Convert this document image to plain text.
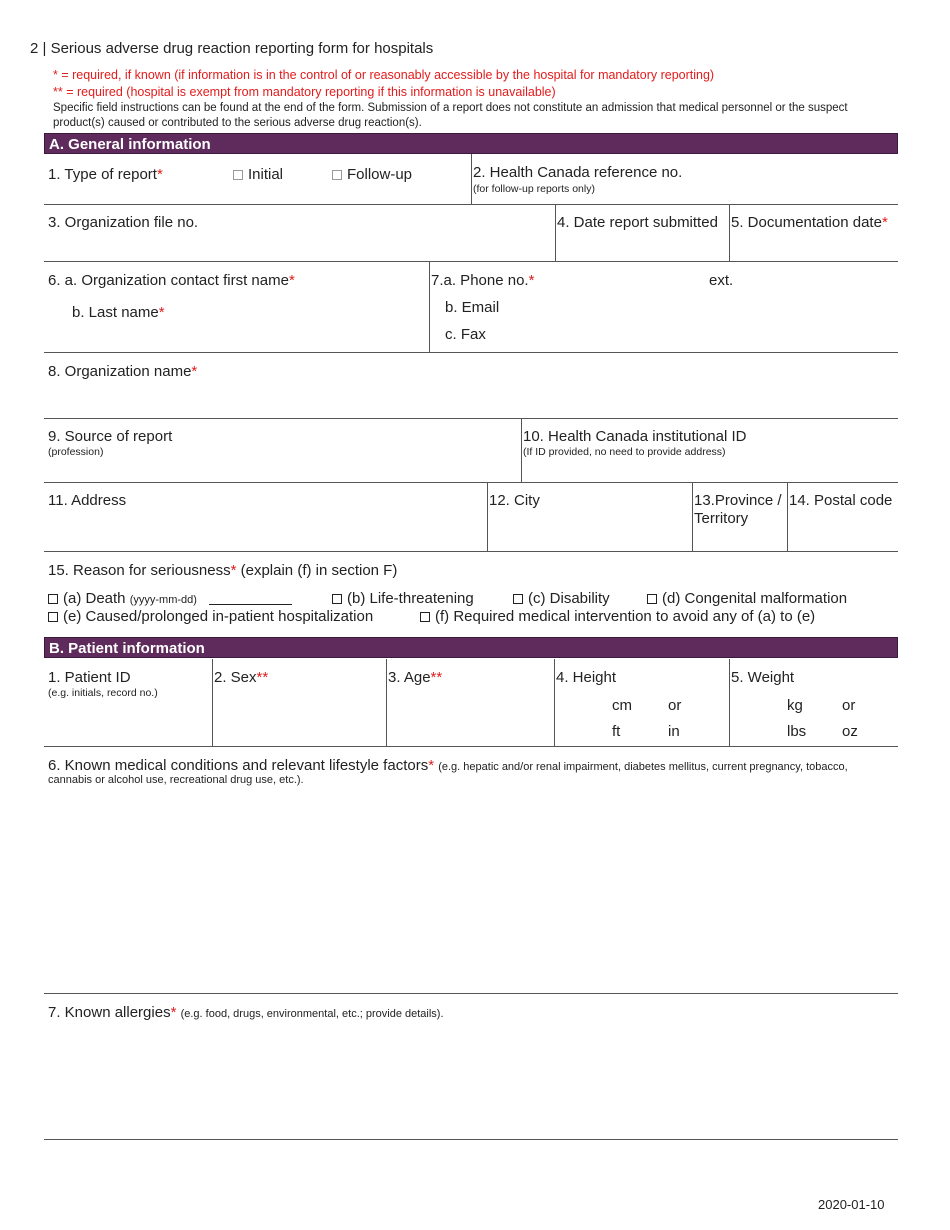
2 | Serious adverse drug reaction reporting form for hospitals
* = required, if known (if information is in the control of or reasonably accessible by the hospital for mandatory reporting)
** = required (hospital is exempt from mandatory reporting if this information is unavailable)
Specific field instructions can be found at the end of the form. Submission of a report does not constitute an admission that medical personnel or the suspect product(s) caused or contributed to the serious adverse drug reaction(s).
A. General information
1. Type of report*	Initial	Follow-up	2. Health Canada reference no.
(for follow-up reports only)
3. Organization file no.	4. Date report submitted 5. Documentation date*
6. a. Organization contact first name*
b. Last name*
7.a. Phone no.*	ext.
b. Email
c. Fax
8. Organization name*
9. Source of report
(profession)
10. Health Canada institutional ID
(If ID provided, no need to provide address)
11. Address	12. City	13.Province /
Territory
14. Postal code
15. Reason for seriousness* (explain (f) in section F)
(a) Death (yyyy-mm-dd)	(b) Life-threatening	(c) Disability	(d) Congenital malformation
(e) Caused/prolonged in-patient hospitalization	(f) Required medical intervention to avoid any of (a) to (e)
B. Patient information
1. Patient ID
(e.g. initials, record no.)
2. Sex**	3. Age**	4. Height
cm or
ft	in
5. Weight
kg	or
lbs oz
6. Known medical conditions and relevant lifestyle factors* (e.g. hepatic and/or renal impairment, diabetes mellitus, current pregnancy, tobacco,
cannabis or alcohol use, recreational drug use, etc.).
7. Known allergies* (e.g. food, drugs, environmental, etc.; provide details).
2020-01-10
